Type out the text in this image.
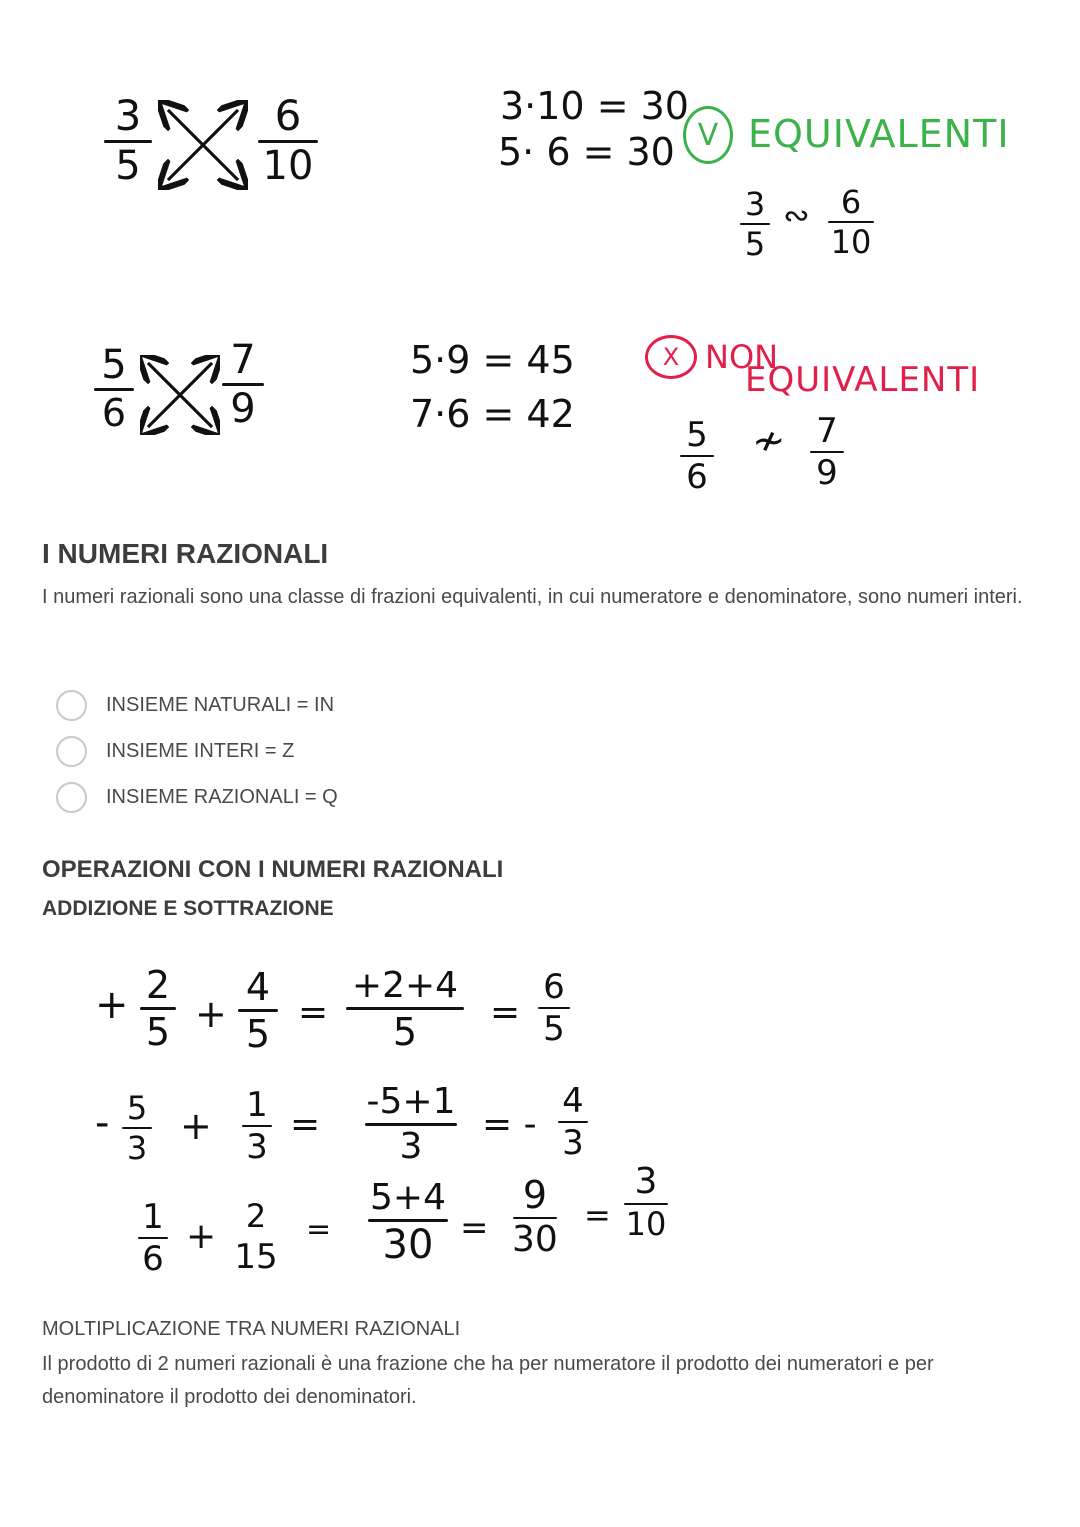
3
5
6
10
3·10 = 30
5· 6 = 30 V EQUIVALENTI
3
5
∾ 6
10
5
6
7
9
5·9 = 45
7·6 = 42
X NON
EQUIVALENTI
5
6
≁ 7
9
I NUMERI RAZIONALI

I numeri razionali sono una classe di frazioni equivalenti, in cui numeratore e denominatore, sono numeri interi.

INSIEME NATURALI = IN
INSIEME INTERI = Z
INSIEME RAZIONALI = Q
OPERAZIONI CON I NUMERI RAZIONALI
ADDIZIONE E SOTTRAZIONE
+ 2
5 +
4
5 =
+2+4
5 =
6
5
- 5
3 + 1
3
=
-5+1
3
= -
4
3
1
6
+ 2
15
=
5+4
30 =
9
30
=
3
10
MOLTIPLICAZIONE TRA NUMERI RAZIONALI

Il prodotto di 2 numeri razionali è una frazione che ha per numeratore il prodotto dei numeratori e per denominatore il prodotto dei denominatori.
